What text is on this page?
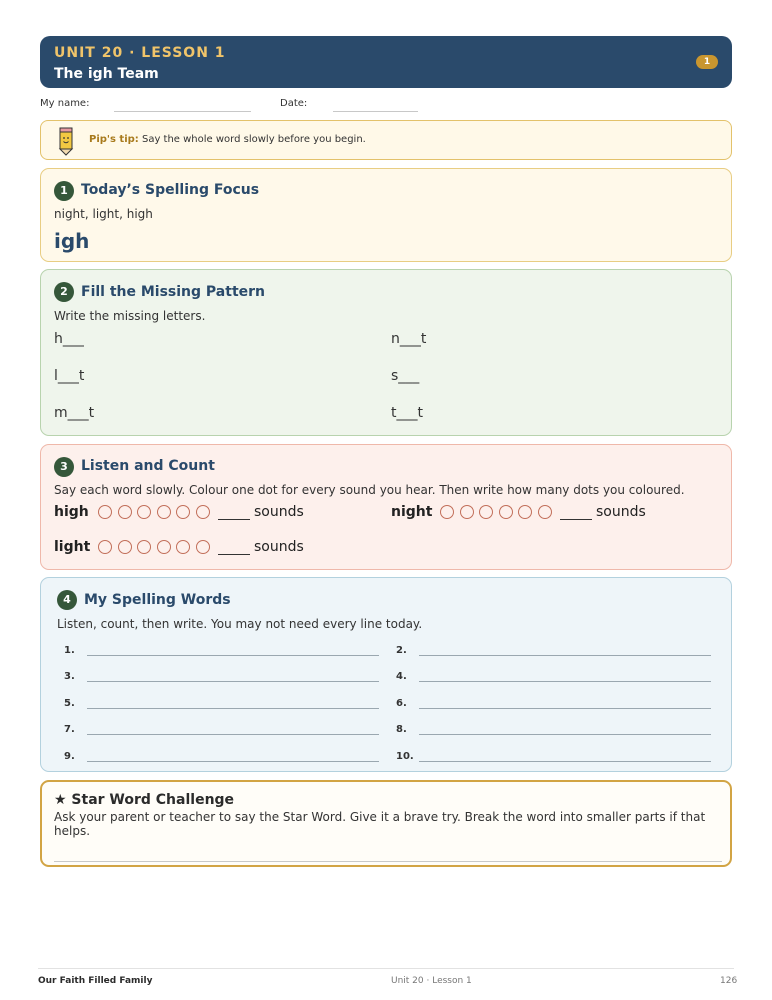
UNIT 20 · LESSON 1
The igh Team
1
My name:	Date:
Pip's tip: Say the whole word slowly before you begin.
1 Today’s Spelling Focus
night, light, high
igh
2 Fill the Missing Pattern
Write the missing letters.
h___	n___t
l___t	s___
m___t	t___t
3 Listen and Count
Say each word slowly. Colour one dot for every sound you hear. Then write how many dots you coloured.
high	sounds	night	sounds
light	sounds
4 My Spelling Words
Listen, count, then write. You may not need every line today.
1.	2.
3.	4.
5.	6.
7.	8.
9.	10.
★ Star Word Challenge
Ask your parent or teacher to say the Star Word. Give it a brave try. Break the word into smaller parts if that helps.
Our Faith Filled Family	Unit 20 · Lesson 1	126
